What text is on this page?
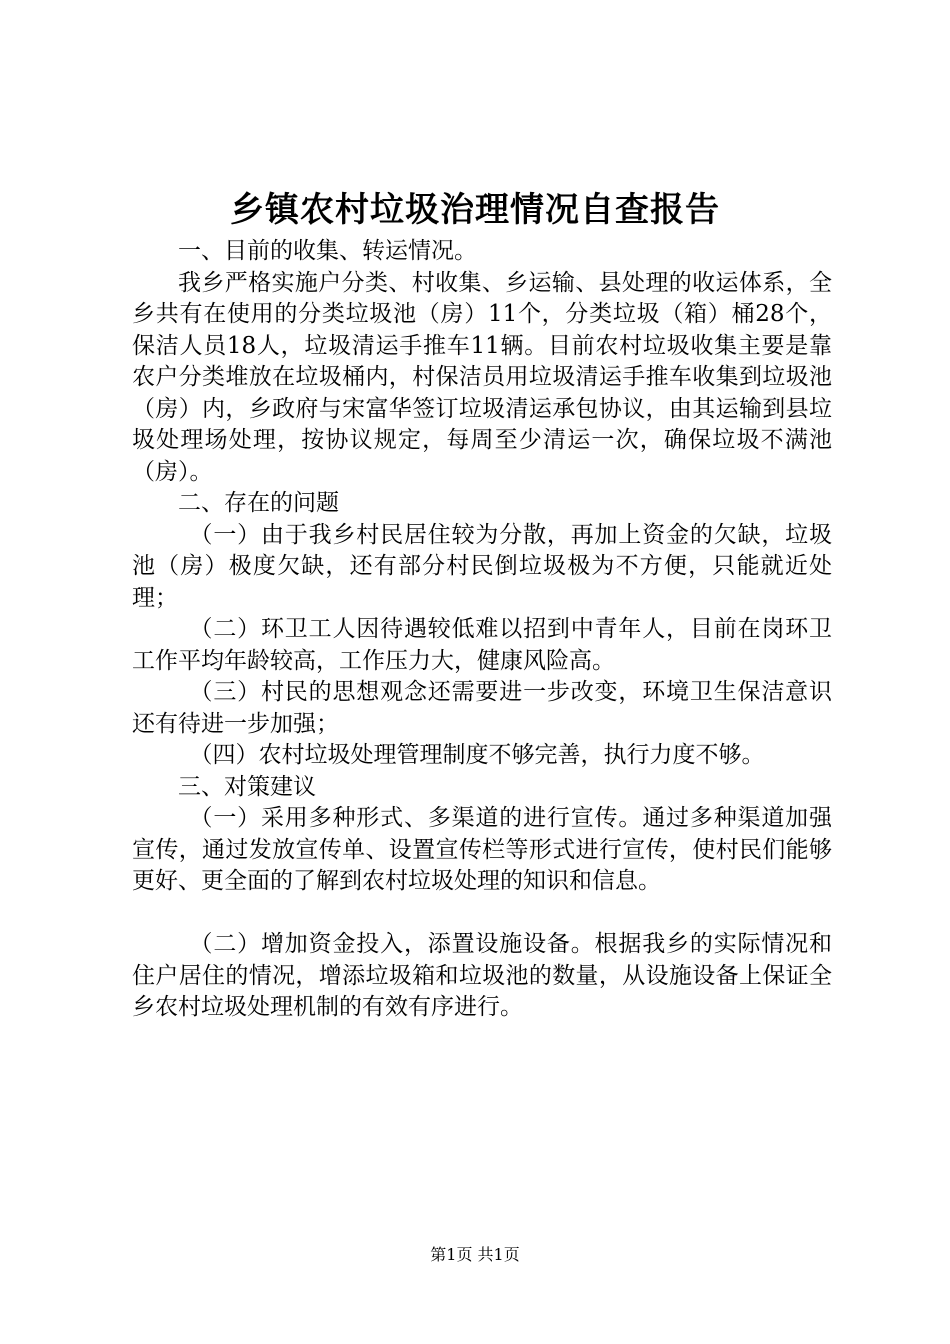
乡镇农村垃圾治理情况自查报告

一、目前的收集、转运情况。

我乡严格实施户分类、村收集、乡运输、县处理的收运体系，全乡共有在使用的分类垃圾池（房）11个，分类垃圾（箱）桶28个，保洁人员18人，垃圾清运手推车11辆。目前农村垃圾收集主要是靠农户分类堆放在垃圾桶内，村保洁员用垃圾清运手推车收集到垃圾池（房）内，乡政府与宋富华签订垃圾清运承包协议，由其运输到县垃圾处理场处理，按协议规定，每周至少清运一次，确保垃圾不满池（房）。

二、存在的问题

（一）由于我乡村民居住较为分散，再加上资金的欠缺，垃圾池（房）极度欠缺，还有部分村民倒垃圾极为不方便，只能就近处理；

（二）环卫工人因待遇较低难以招到中青年人，目前在岗环卫工作平均年龄较高，工作压力大，健康风险高。

（三）村民的思想观念还需要进一步改变，环境卫生保洁意识还有待进一步加强；

（四）农村垃圾处理管理制度不够完善，执行力度不够。

三、对策建议

（一）采用多种形式、多渠道的进行宣传。通过多种渠道加强宣传，通过发放宣传单、设置宣传栏等形式进行宣传，使村民们能够更好、更全面的了解到农村垃圾处理的知识和信息。

（二）增加资金投入，添置设施设备。根据我乡的实际情况和住户居住的情况，增添垃圾箱和垃圾池的数量，从设施设备上保证全乡农村垃圾处理机制的有效有序进行。

第1页 共1页
